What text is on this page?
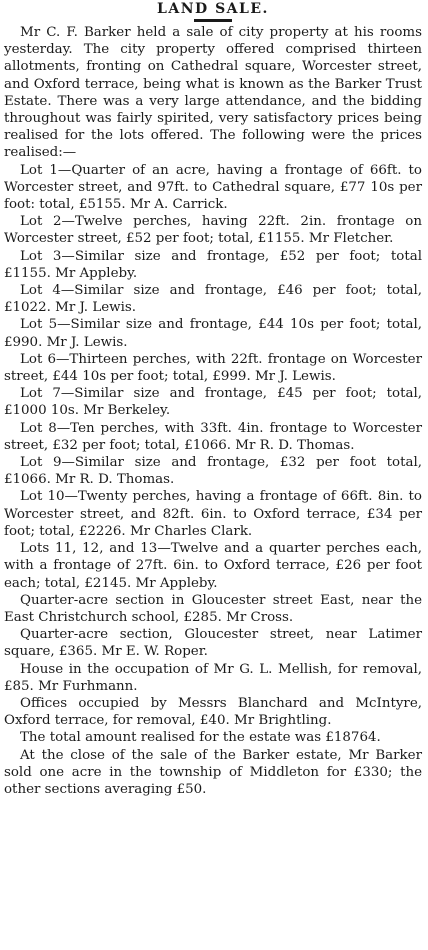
LAND SALE.

Mr C. F. Barker held a sale of city property at his rooms yesterday. The city property offered comprised thirteen allotments, fronting on Cathedral square, Worcester street, and Oxford terrace, being what is known as the Barker Trust Estate. There was a very large attendance, and the bidding throughout was fairly spirited, very satisfactory prices being realised for the lots offered. The following were the prices realised:—

Lot 1—Quarter of an acre, having a frontage of 66ft. to Worcester street, and 97ft. to Cathedral square, £77 10s per foot: total, £5155. Mr A. Carrick.

Lot 2—Twelve perches, having 22ft. 2in. frontage on Worcester street, £52 per foot; total, £1155. Mr Fletcher.

Lot 3—Similar size and frontage, £52 per foot; total £1155. Mr Appleby.

Lot 4—Similar size and frontage, £46 per foot; total, £1022. Mr J. Lewis.

Lot 5—Similar size and frontage, £44 10s per foot; total, £990. Mr J. Lewis.

Lot 6—Thirteen perches, with 22ft. frontage on Worcester street, £44 10s per foot; total, £999. Mr J. Lewis.

Lot 7—Similar size and frontage, £45 per foot; total, £1000 10s. Mr Berkeley.

Lot 8—Ten perches, with 33ft. 4in. frontage to Worcester street, £32 per foot; total, £1066. Mr R. D. Thomas.

Lot 9—Similar size and frontage, £32 per foot total, £1066. Mr R. D. Thomas.

Lot 10—Twenty perches, having a frontage of 66ft. 8in. to Worcester street, and 82ft. 6in. to Oxford terrace, £34 per foot; total, £2226. Mr Charles Clark.

Lots 11, 12, and 13—Twelve and a quarter perches each, with a frontage of 27ft. 6in. to Oxford terrace, £26 per foot each; total, £2145. Mr Appleby.

Quarter-acre section in Gloucester street East, near the East Christchurch school, £285. Mr Cross.

Quarter-acre section, Gloucester street, near Latimer square, £365. Mr E. W. Roper.

House in the occupation of Mr G. L. Mellish, for removal, £85. Mr Furhmann.

Offices occupied by Messrs Blanchard and McIntyre, Oxford terrace, for removal, £40. Mr Brightling.

The total amount realised for the estate was £18764.

At the close of the sale of the Barker estate, Mr Barker sold one acre in the township of Middleton for £330; the other sections averaging £50.
